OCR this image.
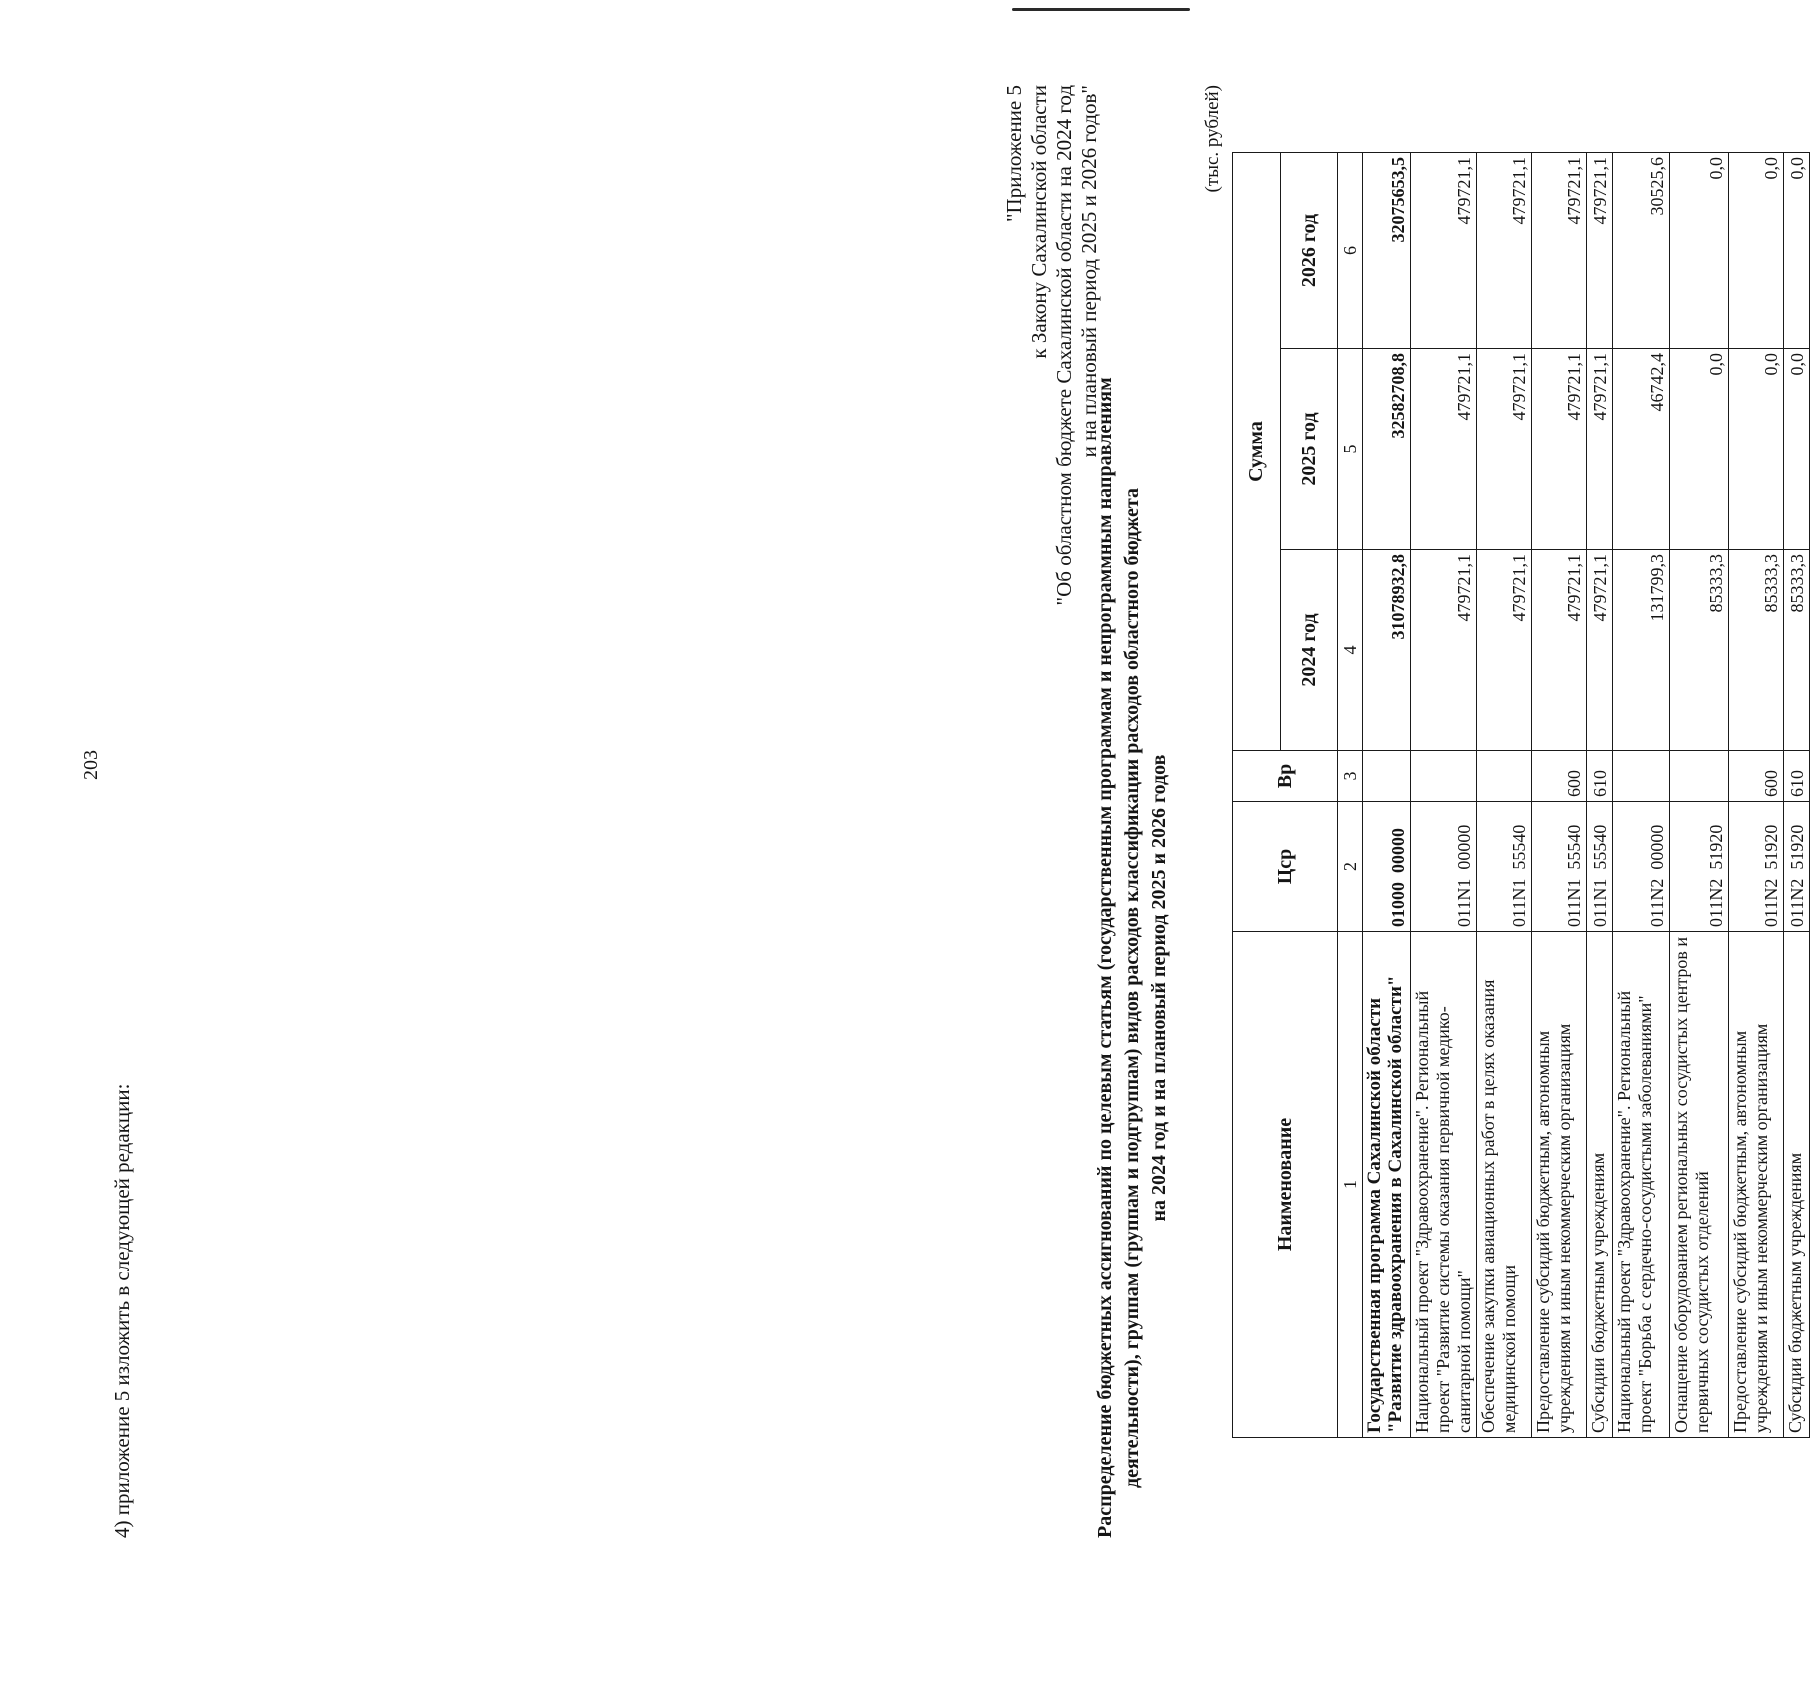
203
4) приложение 5 изложить в следующей редакции:
"Приложение 5 к Закону Сахалинской области "Об областном бюджете Сахалинской области на 2024 год и на плановый период 2025 и 2026 годов"
Распределение бюджетных ассигнований по целевым статьям (государственным программам и непрограммным направлениям деятельности), группам (группам и подгруппам) видов расходов классификации расходов областного бюджета на 2024 год и на плановый период 2025 и 2026 годов
(тыс. рублей)
Наименование	Цср	Вр	Сумма		
			2024 год	2025 год	2026 год
1	2	3	4	5	6
Государственная программа Сахалинской области "Развитие здравоохранения в Сахалинской области"	01000  00000		31078932,8	32582708,8	32075653,5
Национальный проект "Здравоохранение". Региональный проект "Развитие системы оказания первичной медико-санитарной помощи"	011N1  00000		479721,1	479721,1	479721,1
Обеспечение закупки авиационных работ в целях оказания медицинской помощи	011N1  55540		479721,1	479721,1	479721,1
Предоставление субсидий бюджетным, автономным учреждениям и иным некоммерческим организациям	011N1  55540	600	479721,1	479721,1	479721,1
Субсидии бюджетным учреждениям	011N1  55540	610	479721,1	479721,1	479721,1
Национальный проект "Здравоохранение". Региональный проект "Борьба с сердечно-сосудистыми заболеваниями"	011N2  00000		131799,3	46742,4	30525,6
Оснащение оборудованием региональных сосудистых центров и первичных сосудистых отделений	011N2  51920		85333,3	0,0	0,0
Предоставление субсидий бюджетным, автономным учреждениям и иным некоммерческим организациям	011N2  51920	600	85333,3	0,0	0,0
Субсидии бюджетным учреждениям	011N2  51920	610	85333,3	0,0	0,0
